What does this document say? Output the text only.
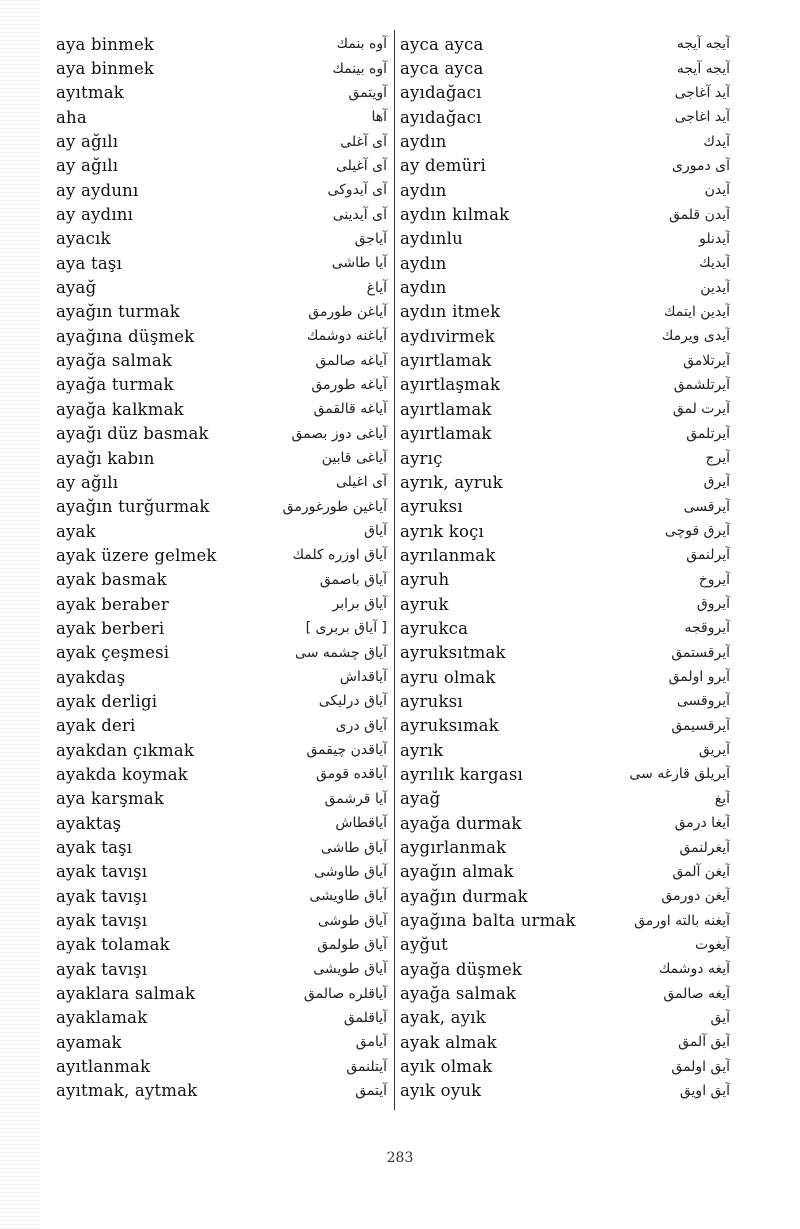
aya binmek	آوه بنمك
aya binmek	آوه بينمك
ayıtmak	آويتمق
aha	آها
ay ağılı	آی آغلی
ay ağılı	آی آغیلی
ay aydunı	آی آیدوكی
ay aydını	آی آیدینی
ayacık	آیاجق
aya taşı	آیا طاشی
ayağ	آیاغ
ayağın turmak	آیاغن طورمق
ayağına düşmek	آیاغنه دوشمك
ayağa salmak	آیاغه صالمق
ayağa turmak	آیاغه طورمق
ayağa kalkmak	آیاغه قالقمق
ayağı düz basmak	آیاغی دوز بصمق
ayağı kabın	آیاغی قابین
ay ağılı	آی اغیلی
ayağın turğurmak	آیاغین طورغورمق
ayak	آیاق
ayak üzere gelmek	آیاق اوزره كلمك
ayak basmak	آیاق باصمق
ayak beraber	آیاق برابر
ayak berberi	[ آیاق بربری ]
ayak çeşmesi	آیاق چشمه سی
ayakdaş	آیاقداش
ayak derligi	آیاق درلیكی
ayak deri	آیاق دری
ayakdan çıkmak	آیاقدن چیقمق
ayakda koymak	آیاقده قومق
aya karşmak	آیا قرشمق
ayaktaş	آیاقطاش
ayak taşı	آیاق طاشی
ayak tavışı	آیاق طاوشی
ayak tavışı	آیاق طاویشی
ayak tavışı	آیاق طوشی
ayak tolamak	آیاق طولمق
ayak tavışı	آیاق طویشی
ayaklara salmak	آیاقلره صالمق
ayaklamak	آیاقلمق
ayamak	آیامق
ayıtlanmak	آیتلنمق
ayıtmak, aytmak	آیتمق
ayca ayca	آیجه آیجه
ayca ayca	آیجه آیجه
ayıdağacı	آید آغاجی
ayıdağacı	آید اغاجی
aydın	آیدك
ay demüri	آی دموری
aydın	آیدن
aydın kılmak	آیدن قلمق
aydınlu	آیدنلو
aydın	آیدیك
aydın	آیدین
aydın itmek	آیدین ایتمك
aydıvirmek	آیدی ویرمك
ayırtlamak	آیرتلامق
ayırtlaşmak	آیرتلشمق
ayırtlamak	آیرت لمق
ayırtlamak	آیرتلمق
ayrıç	آیرج
ayrık, ayruk	آیرق
ayruksı	آیرقسی
ayrık koçı	آیرق قوچی
ayrılanmak	آیرلنمق
ayruh	آیروخ
ayruk	آیروق
ayrukca	آیروقجه
ayruksıtmak	آیرقستمق
ayru olmak	آیرو اولمق
ayruksı	آیروقسی
ayruksımak	آیرقسیمق
ayrık	آیریق
ayrılık kargası	آیریلق قارغه سی
ayağ	آیغ
ayağa durmak	آیغا درمق
aygırlanmak	آیغرلنمق
ayağın almak	آیغن آلمق
ayağın durmak	آیغن دورمق
ayağına balta urmak	آیغنه بالته اورمق
ayğut	آیغوت
ayağa düşmek	آیغه دوشمك
ayağa salmak	آیغه صالمق
ayak, ayık	آیق
ayak almak	آیق آلمق
ayık olmak	آیق اولمق
ayık oyuk	آیق اویق
283
